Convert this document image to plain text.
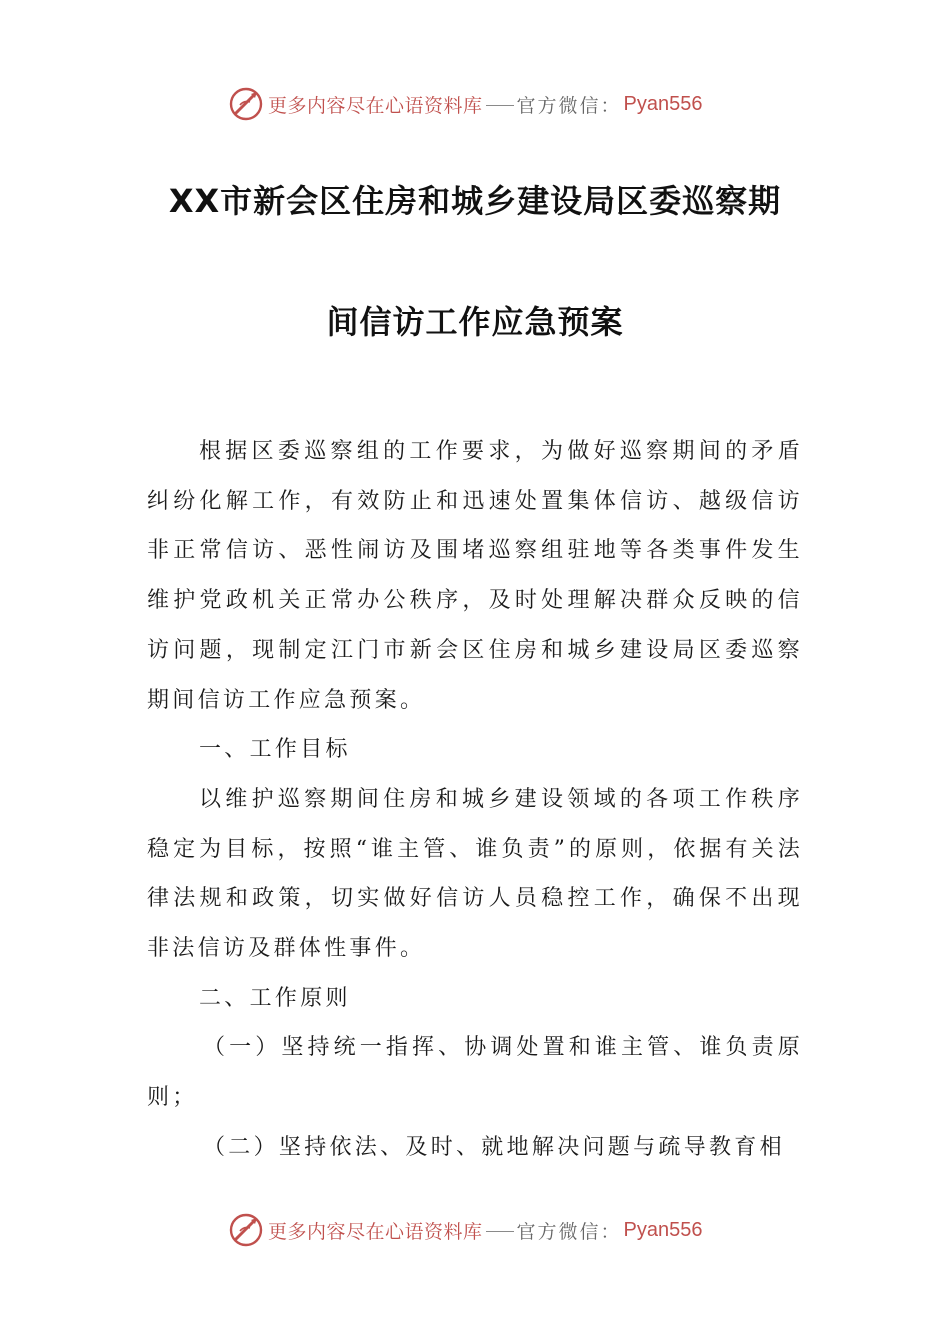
更多内容尽在心语资料库 官方微信： Pyan556
XX市新会区住房和城乡建设局区委巡察期
间信访工作应急预案

根据区委巡察组的工作要求，为做好巡察期间的矛盾纠纷化解工作，有效防止和迅速处置集体信访、越级信访非正常信访、恶性闹访及围堵巡察组驻地等各类事件发生维护党政机关正常办公秩序，及时处理解决群众反映的信访问题，现制定江门市新会区住房和城乡建设局区委巡察期间信访工作应急预案。

一、工作目标

以维护巡察期间住房和城乡建设领域的各项工作秩序稳定为目标，按照“谁主管、谁负责”的原则，依据有关法律法规和政策，切实做好信访人员稳控工作，确保不出现非法信访及群体性事件。

二、工作原则

（一）坚持统一指挥、协调处置和谁主管、谁负责原则；

（二）坚持依法、及时、就地解决问题与疏导教育相

更多内容尽在心语资料库 官方微信： Pyan556
